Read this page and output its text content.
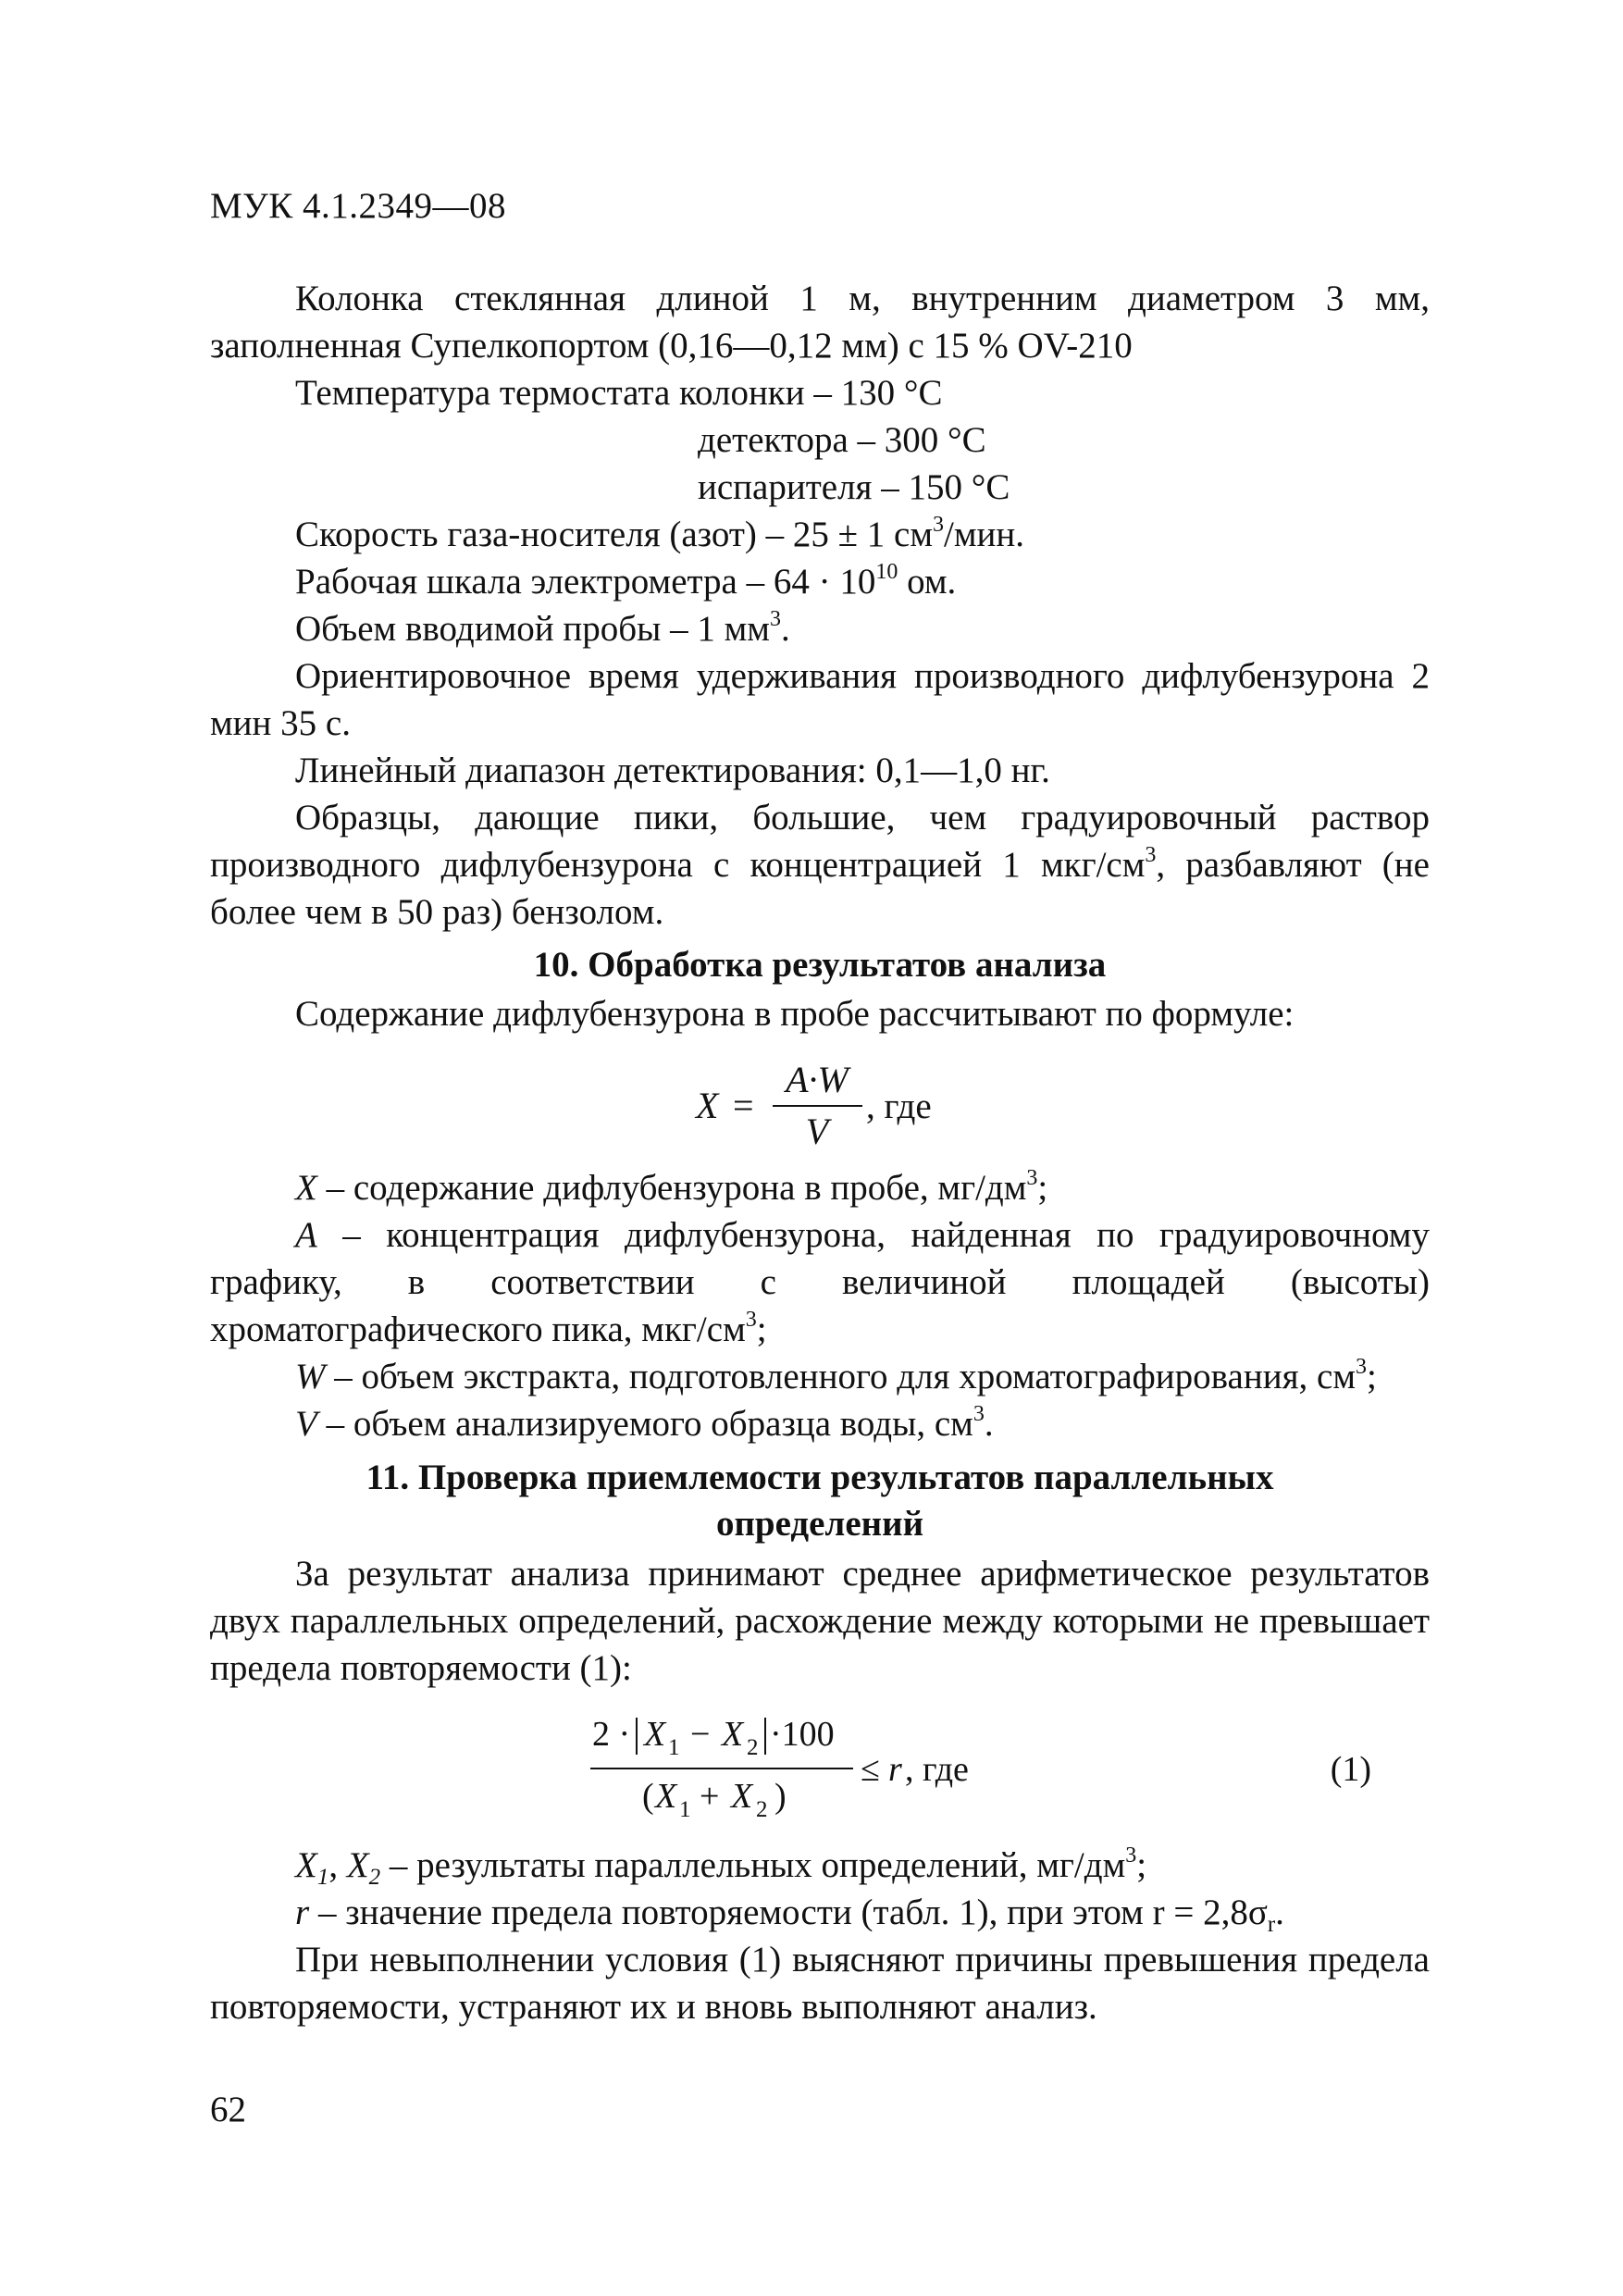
МУК 4.1.2349—08

Колонка стеклянная длиной 1 м, внутренним диаметром 3 мм, заполненная Супелкопортом (0,16—0,12 мм) с 15 % OV-210

Температура термостата колонки – 130 °С

детектора – 300 °С

испарителя – 150 °С

Скорость газа-носителя (азот) – 25 ± 1 $см^3$/мин.

Рабочая шкала электрометра – $64 \cdot 10^{10}$ ом.

Объем вводимой пробы – 1 $мм^3$.

Ориентировочное время удерживания производного дифлубензурона 2 мин 35 с.

Линейный диапазон детектирования: 0,1—1,0 нг.

Образцы, дающие пики, большие, чем градуировочный раствор производного дифлубензурона с концентрацией 1 мкг/$см^3$, разбавляют (не более чем в 50 раз) бензолом.

10. Обработка результатов анализа

Содержание дифлубензурона в пробе рассчитывают по формуле:

X =
A·W
V
, где

X – содержание дифлубензурона в пробе, $мг/дм^3$;

A – концентрация дифлубензурона, найденная по градуировочному графику, в соответствии с величиной площадей (высоты) хроматографического пика, мкг/$см^3$;

W – объем экстракта, подготовленного для хроматографирования, $см^3$;

V – объем анализируемого образца воды, $см^3$.

11. Проверка приемлемости результатов параллельных

определений

За результат анализа принимают среднее арифметическое результатов двух параллельных определений, расхождение между которыми не превышает предела повторяемости (1):

2 · X 1 − X 2 ·100
( X 1 + X 2 )
≤ r , где	(1)

$X_1$, $X_2$ – результаты параллельных определений, $мг/дм^3$;

r – значение предела повторяемости (табл. 1), при этом $r = 2,8\sigma_r$.

При невыполнении условия (1) выясняют причины превышения предела повторяемости, устраняют их и вновь выполняют анализ.

62
